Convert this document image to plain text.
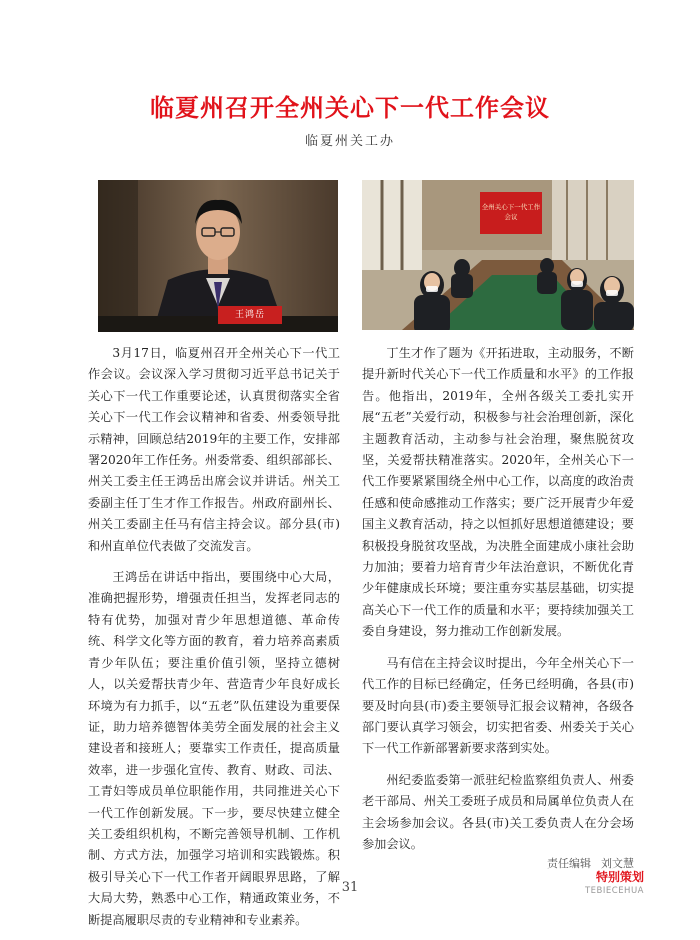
临夏州召开全州关心下一代工作会议
临夏州关工办
王鸿岳
全州关心下一代工作会议

3月17日，临夏州召开全州关心下一代工作会议。会议深入学习贯彻习近平总书记关于关心下一代工作重要论述，认真贯彻落实全省关心下一代工作会议精神和省委、州委领导批示精神，回顾总结2019年的主要工作，安排部署2020年工作任务。州委常委、组织部部长、州关工委主任王鸿岳出席会议并讲话。州关工委副主任丁生才作工作报告。州政府副州长、州关工委副主任马有信主持会议。部分县(市)和州直单位代表做了交流发言。

王鸿岳在讲话中指出，要围绕中心大局，准确把握形势，增强责任担当，发挥老同志的特有优势，加强对青少年思想道德、革命传统、科学文化等方面的教育，着力培养高素质青少年队伍；要注重价值引领，坚持立德树人，以关爱帮扶青少年、营造青少年良好成长环境为有力抓手，以“五老”队伍建设为重要保证，助力培养德智体美劳全面发展的社会主义建设者和接班人；要靠实工作责任，提高质量效率，进一步强化宣传、教育、财政、司法、工青妇等成员单位职能作用，共同推进关心下一代工作创新发展。下一步，要尽快建立健全关工委组织机构，不断完善领导机制、工作机制、方式方法，加强学习培训和实践锻炼。积极引导关心下一代工作者开阔眼界思路，了解大局大势，熟悉中心工作，精通政策业务，不断提高履职尽责的专业精神和专业素养。

丁生才作了题为《开拓进取，主动服务，不断提升新时代关心下一代工作质量和水平》的工作报告。他指出，2019年，全州各级关工委扎实开展“五老”关爱行动，积极参与社会治理创新，深化主题教育活动，主动参与社会治理，聚焦脱贫攻坚，关爱帮扶精准落实。2020年，全州关心下一代工作要紧紧围绕全州中心工作，以高度的政治责任感和使命感推动工作落实；要广泛开展青少年爱国主义教育活动，持之以恒抓好思想道德建设；要积极投身脱贫攻坚战，为决胜全面建成小康社会助力加油；要着力培育青少年法治意识，不断优化青少年健康成长环境；要注重夯实基层基础，切实提高关心下一代工作的质量和水平；要持续加强关工委自身建设，努力推动工作创新发展。

马有信在主持会议时提出，今年全州关心下一代工作的目标已经确定，任务已经明确，各县(市)要及时向县(市)委主要领导汇报会议精神，各级各部门要认真学习领会，切实把省委、州委关于关心下一代工作新部署新要求落到实处。

州纪委监委第一派驻纪检监察组负责人、州委老干部局、州关工委班子成员和局属单位负责人在主会场参加会议。各县(市)关工委负责人在分会场参加会议。

责任编辑 刘文慧
31
特别策划
TEBIECEHUA
